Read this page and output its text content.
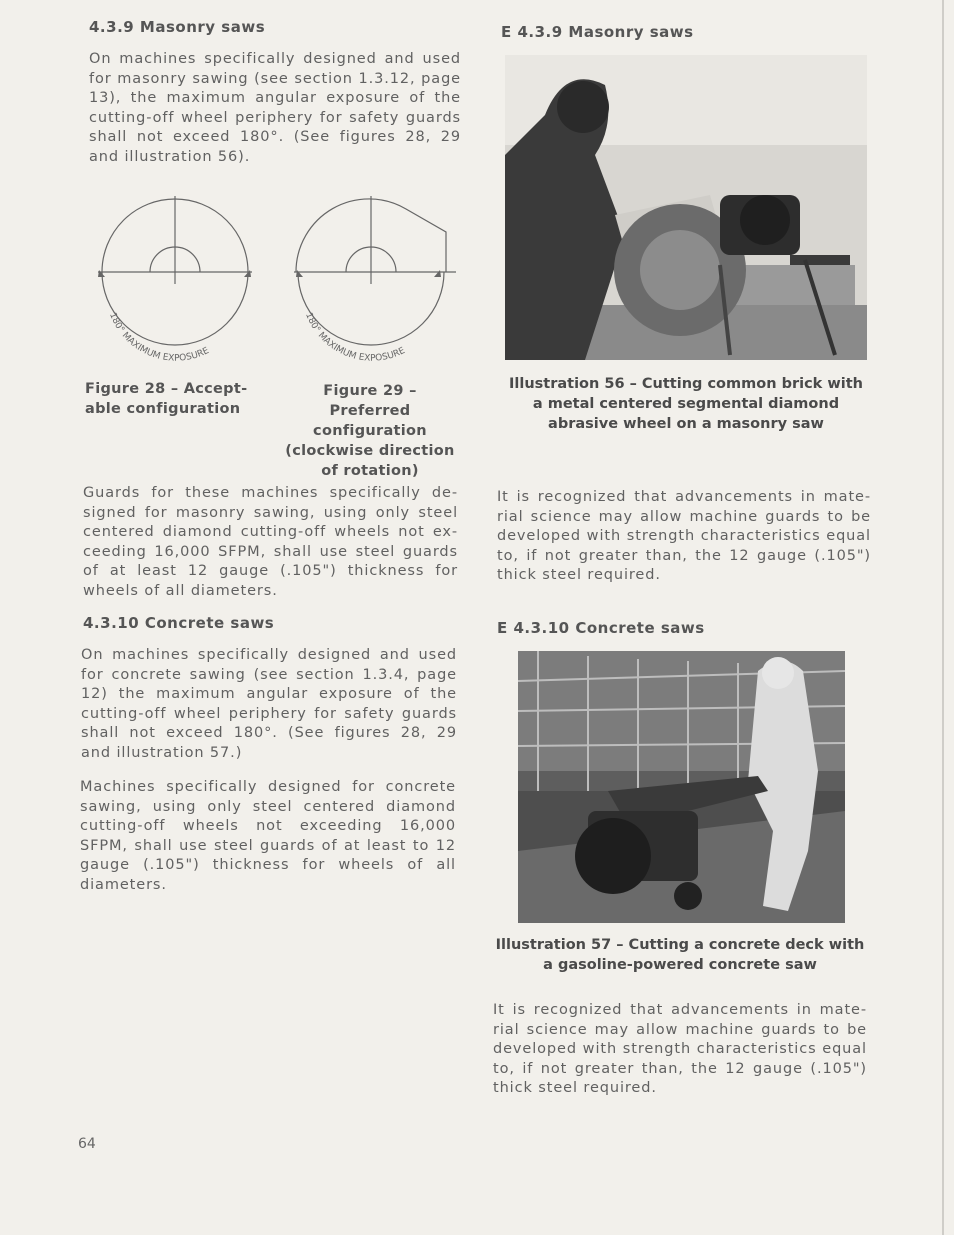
4.3.9 Masonry saws

On machines specifically designed and used for masonry sawing (see section 1.3.12, page 13), the maximum angular exposure of the cutting-off wheel periphery for safety guards shall not exceed 180°. (See figures 28, 29 and illustration 56).

180° MAXIMUM EXPOSURE
180° MAXIMUM EXPOSURE
Figure 28 – Accept-able configuration
Figure 29 – Preferred configuration (clockwise direction of rotation)

Guards for these machines specifically de-signed for masonry sawing, using only steel centered diamond cutting-off wheels not ex-ceeding 16,000 SFPM, shall use steel guards of at least 12 gauge (.105") thickness for wheels of all diameters.

4.3.10 Concrete saws

On machines specifically designed and used for concrete sawing (see section 1.3.4, page 12) the maximum angular exposure of the cutting-off wheel periphery for safety guards shall not exceed 180°. (See figures 28, 29 and illustration 57.)

Machines specifically designed for concrete sawing, using only steel centered diamond cutting-off wheels not exceeding 16,000 SFPM, shall use steel guards of at least to 12 gauge (.105") thickness for wheels of all diameters.

64
E 4.3.9 Masonry saws
Illustration 56 – Cutting common brick with a metal centered segmental diamond abrasive wheel on a masonry saw

It is recognized that advancements in mate-rial science may allow machine guards to be developed with strength characteristics equal to, if not greater than, the 12 gauge (.105") thick steel required.

E 4.3.10 Concrete saws
Illustration 57 – Cutting a concrete deck with a gasoline-powered concrete saw

It is recognized that advancements in mate-rial science may allow machine guards to be developed with strength characteristics equal to, if not greater than, the 12 gauge (.105") thick steel required.
